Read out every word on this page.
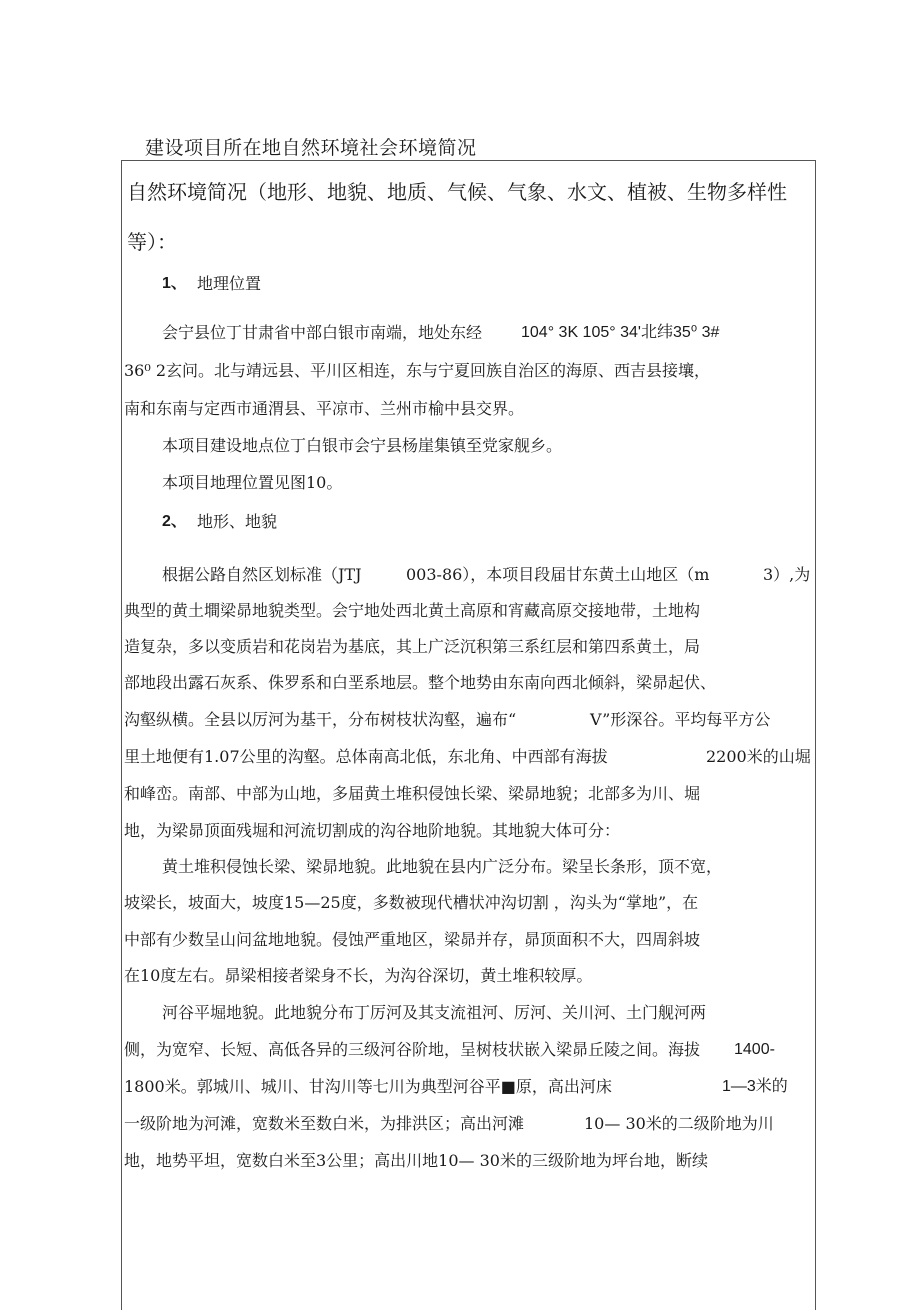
建设项目所在地自然环境社会环境简况
自然环境简况（地形、地貌、地质、气候、气象、水文、植被、生物多样性
等）：
1、 地理位置
会宁县位丁甘肃省中部白银市南端，地处东经 104° 3K 105° 34'北纬35⁰ 3#
36⁰ 2玄问。北与靖远县、平川区相连，东与宁夏回族自治区的海原、西吉县接壤，
南和东南与定西市通渭县、平凉市、兰州市榆中县交界。
本项目建设地点位丁白银市会宁县杨崖集镇至党家舰乡。
本项目地理位置见图10。
2、 地形、地貌
根据公路自然区划标准（JTJ	003-86），本项目段届甘东黄土山地区（m	3）,为
典型的黄土墹梁昴地貌类型。会宁地处西北黄土高原和宵藏高原交接地带，土地构
造复杂，多以变质岩和花岗岩为基底，其上广泛沉积第三系红层和第四系黄土，局
部地段出露石灰系、侏罗系和白垩系地层。整个地势由东南向西北倾斜，梁昴起伏、
沟壑纵横。全县以厉河为基干，分布树枝状沟壑，遍布“	V”形深谷。平均每平方公
里土地便有1.07公里的沟壑。总体南高北低，东北角、中西部有海拔	2200米的山堀
和峰峦。南部、中部为山地，多届黄土堆积侵蚀长梁、梁昴地貌；北部多为川、堀
地，为梁昴顶面残堀和河流切割成的沟谷地阶地貌。其地貌大体可分：
黄土堆积侵蚀长梁、梁昴地貌。此地貌在县内广泛分布。梁呈长条形，顶不宽，
坡梁长，坡面大，坡度15—25度，多数被现代槽状冲沟切割 ，沟头为“掌地”，在
中部有少数呈山问盆地地貌。侵蚀严重地区，梁昴并存，昴顶面积不大，四周斜坡
在10度左右。昴梁相接者梁身不长，为沟谷深切，黄土堆积较厚。
河谷平堀地貌。此地貌分布丁厉河及其支流祖河、厉河、关川河、土门舰河两
侧，为宽窄、长短、高低各异的三级河谷阶地，呈树枝状嵌入梁昴丘陵之间。海拔 1400-
1800米。郭城川、城川、甘沟川等七川为典型河谷平■原，高出河床	1—3米的
一级阶地为河滩，宽数米至数白米，为排洪区；高出河滩	10— 30米的二级阶地为川
地，地势平坦，宽数白米至3公里；高出川地10— 30米的三级阶地为坪台地，断续
